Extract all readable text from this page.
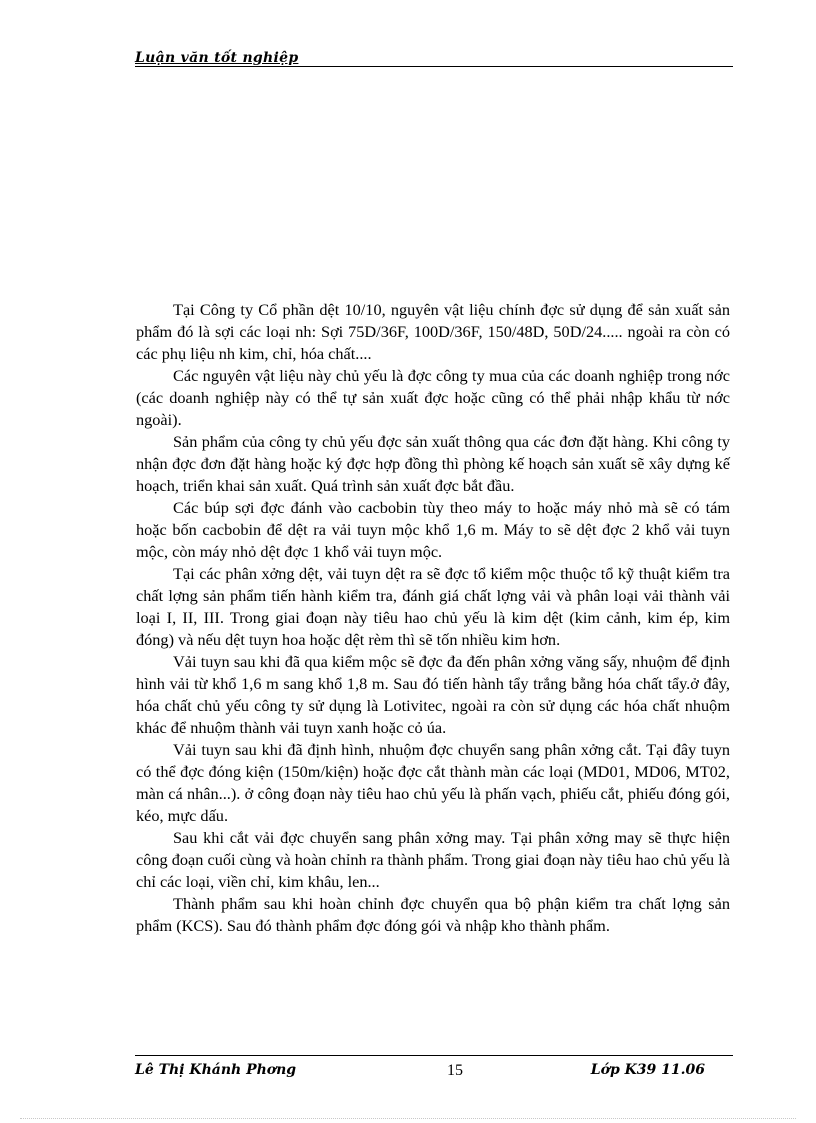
Luận văn tốt nghiệp

Tại Công ty Cổ phần dệt 10/10, nguyên vật liệu chính đợc sử dụng để sản xuất sản phẩm đó là sợi các loại nh: Sợi 75D/36F, 100D/36F, 150/48D, 50D/24..... ngoài ra còn có các phụ liệu nh kim, chỉ, hóa chất....

Các nguyên vật liệu này chủ yếu là đợc công ty mua của các doanh nghiệp trong nớc (các doanh nghiệp này có thể tự sản xuất đợc hoặc cũng có thể phải nhập khẩu từ nớc ngoài).

Sản phẩm của công ty chủ yếu đợc sản xuất thông qua các đơn đặt hàng. Khi công ty nhận đợc đơn đặt hàng hoặc ký đợc hợp đồng thì phòng kế hoạch sản xuất sẽ xây dựng kế hoạch, triển khai sản xuất. Quá trình sản xuất đợc bắt đầu.

Các búp sợi đợc đánh vào cacbobin tùy theo máy to hoặc máy nhỏ mà sẽ có tám hoặc bốn cacbobin để dệt ra vải tuyn mộc khổ 1,6 m. Máy to sẽ dệt đợc 2 khổ vải tuyn mộc, còn máy nhỏ dệt đợc 1 khổ vải tuyn mộc.

Tại các phân xởng dệt, vải tuyn dệt ra sẽ đợc tổ kiểm mộc thuộc tổ kỹ thuật kiểm tra chất lợng sản phẩm tiến hành kiểm tra, đánh giá chất lợng vải và phân loại vải thành vải loại I, II, III. Trong giai đoạn này tiêu hao chủ yếu là kim dệt (kim cảnh, kim ép, kim đóng) và nếu dệt tuyn hoa hoặc dệt rèm thì sẽ tốn nhiều kim hơn.

Vải tuyn sau khi đã qua kiểm mộc sẽ đợc đa đến phân xởng văng sấy, nhuộm để định hình vải từ khổ 1,6 m sang khổ 1,8 m. Sau đó tiến hành tẩy trắng bằng hóa chất tẩy.ở đây, hóa chất chủ yếu công ty sử dụng là Lotivitec, ngoài ra còn sử dụng các hóa chất nhuộm khác để nhuộm thành vải tuyn xanh hoặc cỏ úa.

Vải tuyn sau khi đã định hình, nhuộm đợc chuyển sang phân xởng cắt. Tại đây tuyn có thể đợc đóng kiện (150m/kiện) hoặc đợc cắt thành màn các loại (MD01, MD06, MT02, màn cá nhân...). ở công đoạn này tiêu hao chủ yếu là phấn vạch, phiếu cắt, phiếu đóng gói, kéo, mực dấu.

Sau khi cắt vải đợc chuyển sang phân xởng may. Tại phân xởng may sẽ thực hiện công đoạn cuối cùng và hoàn chỉnh ra thành phẩm. Trong giai đoạn này tiêu hao chủ yếu là chỉ các loại, viền chỉ, kim khâu, len...

Thành phẩm sau khi hoàn chỉnh đợc chuyển qua bộ phận kiểm tra chất lợng sản phẩm (KCS). Sau đó thành phẩm đợc đóng gói và nhập kho thành phẩm.

Lê Thị Khánh Phơng	15	Lớp K39 11.06
